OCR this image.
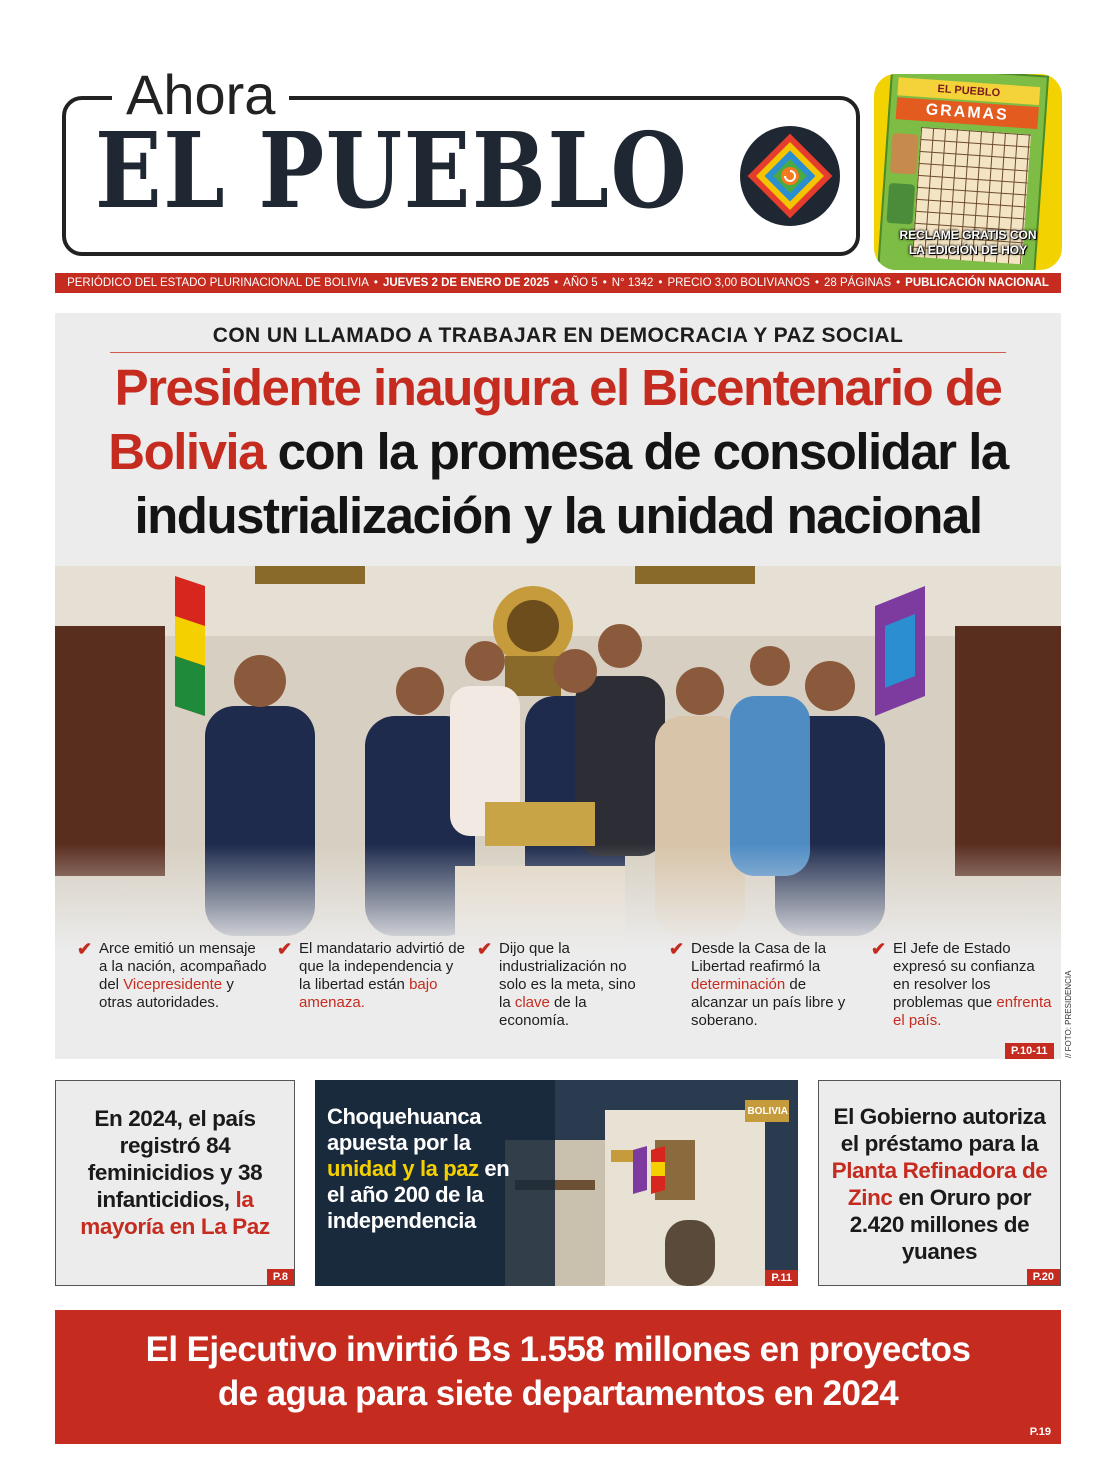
Ahora
EL PUEBLO
EL PUEBLO
GRAMAS
RECLAME GRATIS CON
LA EDICIÓN DE HOY
PERIÓDICO DEL ESTADO PLURINACIONAL DE BOLIVIA • JUEVES 2 DE ENERO DE 2025 • AÑO 5 • N° 1342 • PRECIO 3,00 BOLIVIANOS • 28 PÁGINAS • PUBLICACIÓN NACIONAL
CON UN LLAMADO A TRABAJAR EN DEMOCRACIA Y PAZ SOCIAL
Presidente inaugura el Bicentenario de Bolivia con la promesa de consolidar la industrialización y la unidad nacional
✔ Arce emitió un mensaje a la nación, acompañado del Vicepresidente y otras autoridades.
✔ El mandatario advirtió de que la independencia y la libertad están bajo amenaza.
✔ Dijo que la industrialización no solo es la meta, sino la clave de la economía.
✔ Desde la Casa de la Libertad reafirmó la determinación de alcanzar un país libre y soberano.
✔ El Jefe de Estado expresó su confianza en resolver los problemas que enfrenta el país.
P.10-11	// FOTO: PRESIDENCIA
En 2024, el país registró 84 feminicidios y 38 infanticidios, la mayoría en La Paz
P.8
Choquehuanca apuesta por la unidad y la paz en el año 200 de la independencia
BOLIVIA
P.11
El Gobierno autoriza el préstamo para la Planta Refinadora de Zinc en Oruro por 2.420 millones de yuanes
P.20
El Ejecutivo invirtió Bs 1.558 millones en proyectos
de agua para siete departamentos en 2024
P.19
